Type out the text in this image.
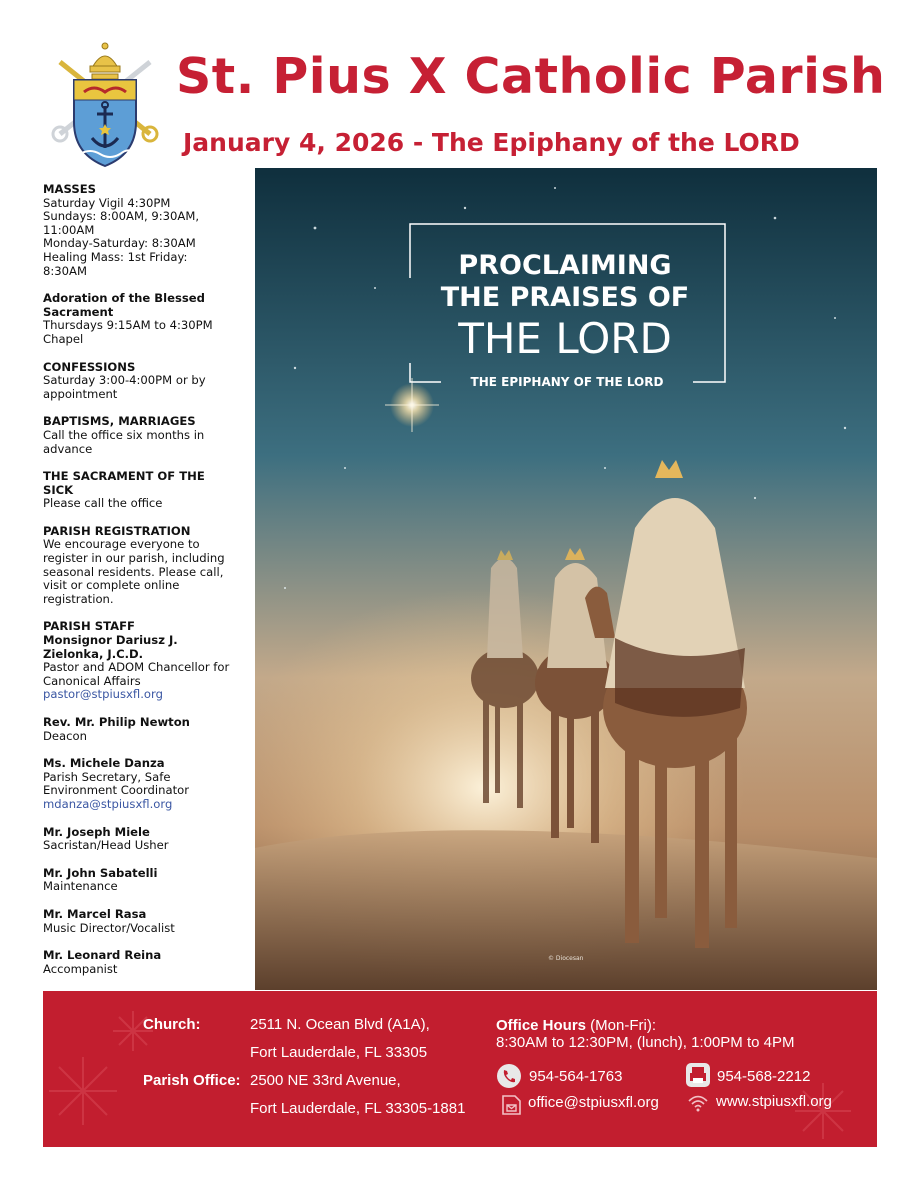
St. Pius X Catholic Parish
January 4, 2026 - The Epiphany of the LORD
MASSES
Saturday Vigil 4:30PM
Sundays: 8:00AM, 9:30AM,
11:00AM
Monday-Saturday: 8:30AM
Healing Mass: 1st Friday:
8:30AM
Adoration of the Blessed
Sacrament
Thursdays 9:15AM to 4:30PM
Chapel
CONFESSIONS
Saturday 3:00-4:00PM or by
appointment
BAPTISMS, MARRIAGES
Call the office six months in
advance
THE SACRAMENT OF THE
SICK
Please call the office
PARISH REGISTRATION
We encourage everyone to
register in our parish, including
seasonal residents. Please call,
visit or complete online
registration.
PARISH STAFF
Monsignor Dariusz J.
Zielonka, J.C.D.
Pastor and ADOM Chancellor for
Canonical Affairs
pastor@stpiusxfl.org
Rev. Mr. Philip Newton
Deacon
Ms. Michele Danza
Parish Secretary, Safe
Environment Coordinator
mdanza@stpiusxfl.org
Mr. Joseph Miele
Sacristan/Head Usher
Mr. John Sabatelli
Maintenance
Mr. Marcel Rasa
Music Director/Vocalist
Mr. Leonard Reina
Accompanist
PROCLAIMING
THE PRAISES OF
THE LORD
THE EPIPHANY OF THE LORD
© Diocesan
Church:	2511 N. Ocean Blvd (A1A),
Fort Lauderdale, FL 33305
Parish Office: 2500 NE 33rd Avenue,
Fort Lauderdale, FL 33305-1881
Office Hours (Mon-Fri):
8:30AM to 12:30PM, (lunch), 1:00PM to 4PM
954-564-1763	954-568-2212
office@stpiusxfl.org	www.stpiusxfl.org
